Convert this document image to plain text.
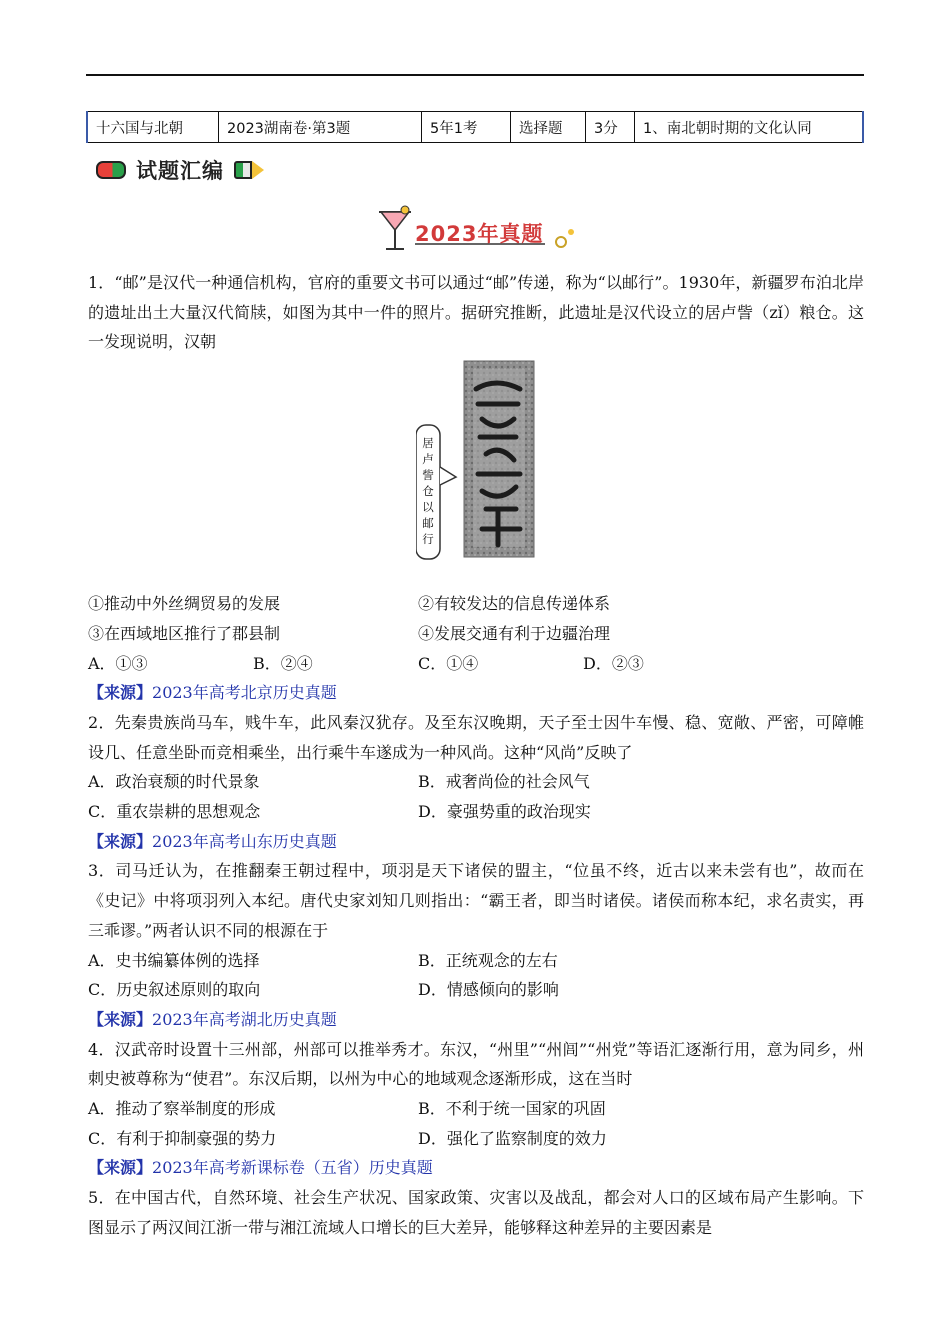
十六国与北朝	2023湖南卷·第3题	5年1考	选择题	3分	1、南北朝时期的文化认同
试题汇编
2023年真题

1．“邮”是汉代一种通信机构，官府的重要文书可以通过“邮”传递，称为“以邮行”。1930年，新疆罗布泊北岸的遗址出土大量汉代简牍，如图为其中一件的照片。据研究推断，此遗址是汉代设立的居卢訾（zǐ）粮仓。这一发现说明，汉朝

居卢訾仓以邮行

①推动中外丝绸贸易的发展	②有较发达的信息传递体系

③在西域地区推行了郡县制	④发展交通有利于边疆治理

A．①③	B．②④	C．①④	D．②③

【来源】2023年高考北京历史真题

2．先秦贵族尚马车，贱牛车，此风秦汉犹存。及至东汉晚期，天子至士因牛车慢、稳、宽敞、严密，可障帷设几、任意坐卧而竞相乘坐，出行乘牛车遂成为一种风尚。这种“风尚”反映了

A．政治衰颓的时代景象	B．戒奢尚俭的社会风气

C．重农崇耕的思想观念	D．豪强势重的政治现实

【来源】2023年高考山东历史真题

3．司马迁认为，在推翻秦王朝过程中，项羽是天下诸侯的盟主，“位虽不终，近古以来未尝有也”，故而在《史记》中将项羽列入本纪。唐代史家刘知几则指出：“霸王者，即当时诸侯。诸侯而称本纪，求名责实，再三乖谬。”两者认识不同的根源在于

A．史书编纂体例的选择	B．正统观念的左右

C．历史叙述原则的取向	D．情感倾向的影响

【来源】2023年高考湖北历史真题

4．汉武帝时设置十三州部，州部可以推举秀才。东汉，“州里”“州闾”“州党”等语汇逐渐行用，意为同乡，州刺史被尊称为“使君”。东汉后期，以州为中心的地域观念逐渐形成，这在当时

A．推动了察举制度的形成	B．不利于统一国家的巩固

C．有利于抑制豪强的势力	D．强化了监察制度的效力

【来源】2023年高考新课标卷（五省）历史真题

5．在中国古代，自然环境、社会生产状况、国家政策、灾害以及战乱，都会对人口的区域布局产生影响。下图显示了两汉间江浙一带与湘江流域人口增长的巨大差异，能够释这种差异的主要因素是
